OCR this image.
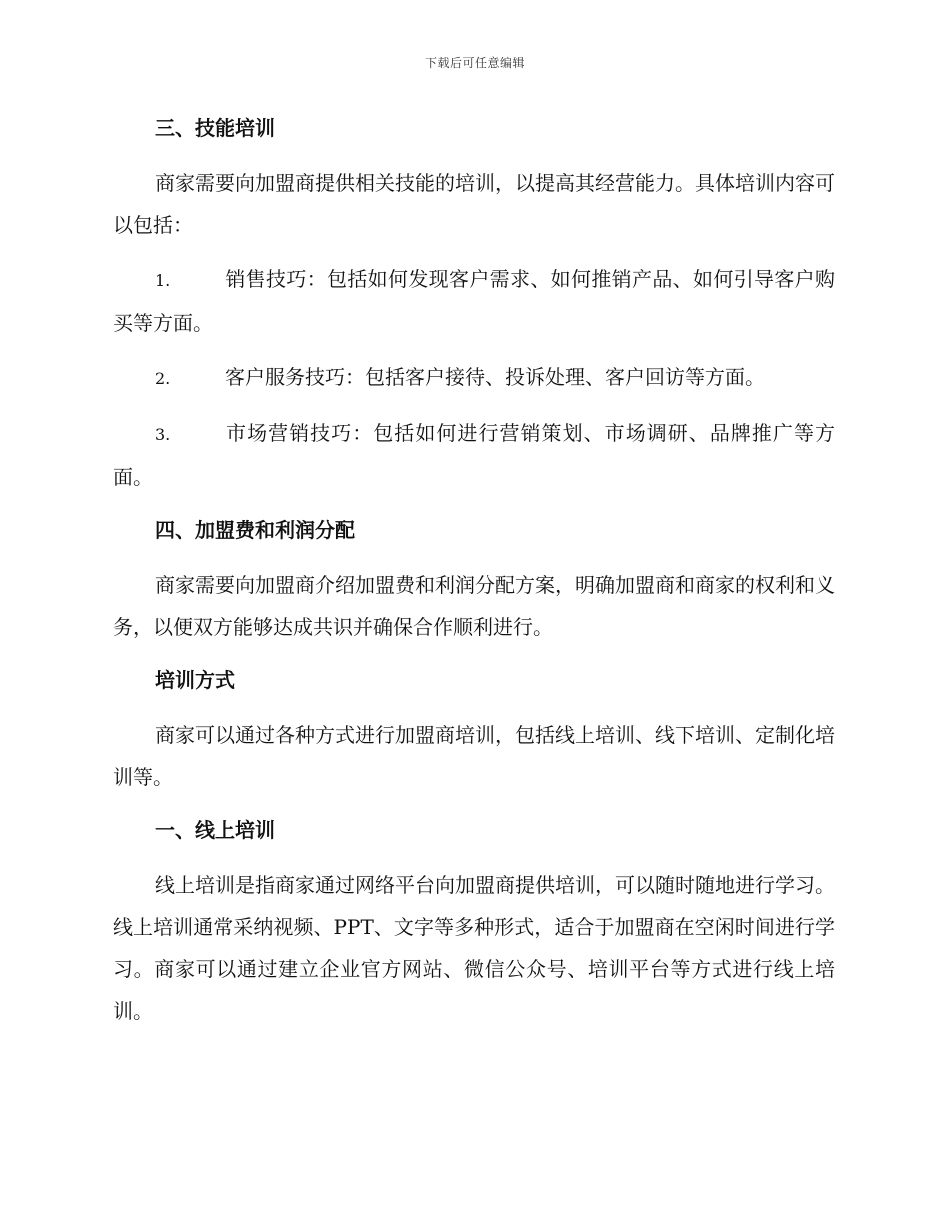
下载后可任意编辑
三、技能培训

商家需要向加盟商提供相关技能的培训，以提高其经营能力。具体培训内容可以包括：

1.	销售技巧：包括如何发现客户需求、如何推销产品、如何引导客户购买等方面。

2.	客户服务技巧：包括客户接待、投诉处理、客户回访等方面。

3.	市场营销技巧：包括如何进行营销策划、市场调研、品牌推广等方面。

四、加盟费和利润分配

商家需要向加盟商介绍加盟费和利润分配方案，明确加盟商和商家的权利和义务，以便双方能够达成共识并确保合作顺利进行。

培训方式

商家可以通过各种方式进行加盟商培训，包括线上培训、线下培训、定制化培训等。

一、线上培训

线上培训是指商家通过网络平台向加盟商提供培训，可以随时随地进行学习。线上培训通常采纳视频、PPT、文字等多种形式，适合于加盟商在空闲时间进行学习。商家可以通过建立企业官方网站、微信公众号、培训平台等方式进行线上培训。
